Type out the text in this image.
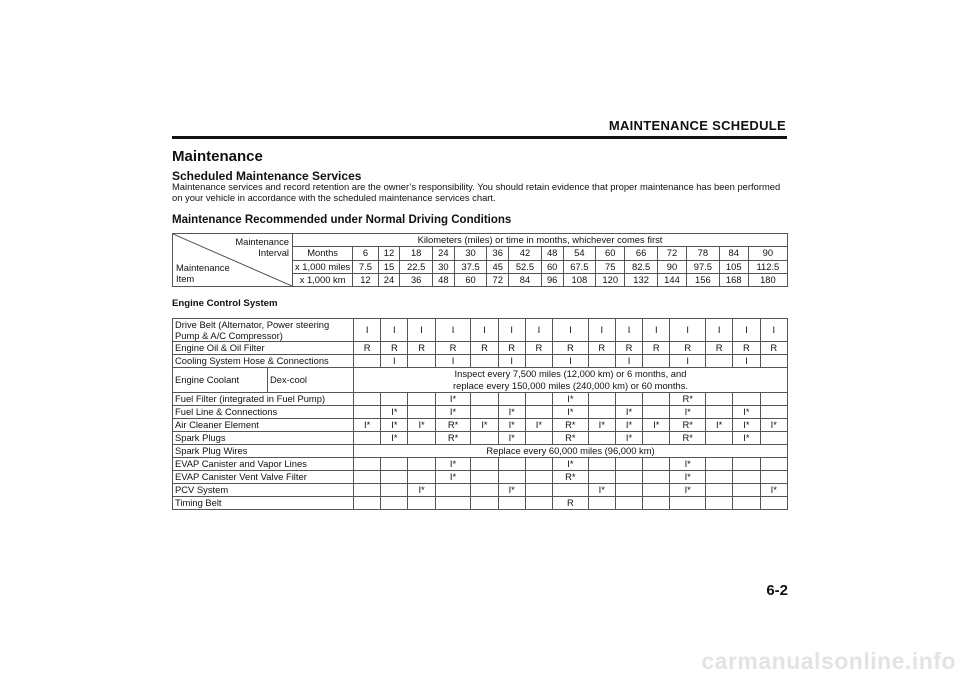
MAINTENANCE SCHEDULE
Maintenance
Scheduled Maintenance Services
Maintenance services and record retention are the owner’s responsibility. You should retain evidence that proper maintenance has been performed on your vehicle in accordance with the scheduled maintenance services chart.
Maintenance Recommended under Normal Driving Conditions
Maintenance
Interval
Maintenance
Item	Kilometers (miles) or time in months, whichever comes first															
	Months	6	12	18	24	30	36	42	48	54	60	66	72	78	84	90
	x 1,000 miles	7.5	15	22.5	30	37.5	45	52.5	60	67.5	75	82.5	90	97.5	105	112.5
	x 1,000 km	12	24	36	48	60	72	84	96	108	120	132	144	156	168	180
Engine Control System
Drive Belt (Alternator, Power steering Pump & A/C Compressor)		I	I	I	I	I	I	I	I	I	I	I	I	I	I	I
Engine Oil & Oil Filter		R	R	R	R	R	R	R	R	R	R	R	R	R	R	R
Cooling System Hose & Connections			I		I		I		I		I		I		I	
Engine Coolant	Dex-cool	Inspect every 7,500 miles (12,000 km) or 6 months, and
replace every 150,000 miles (240,000 km) or 60 months.														

Fuel Filter (integrated in Fuel Pump)					I*				I*				R*			
Fuel Line & Connections			I*		I*		I*		I*		I*		I*		I*	
Air Cleaner Element		I*	I*	I*	R*	I*	I*	I*	R*	I*	I*	I*	R*	I*	I*	I*
Spark Plugs			I*		R*		I*		R*		I*		R*		I*	
Spark Plug Wires		Replace every 60,000 miles (96,000 km)														
EVAP Canister and Vapor Lines					I*				I*				I*			
EVAP Canister Vent Valve Filter					I*				R*				I*			
PCV System				I*			I*			I*			I*			I*
Timing Belt									R							
6-2
carmanualsonline.info
